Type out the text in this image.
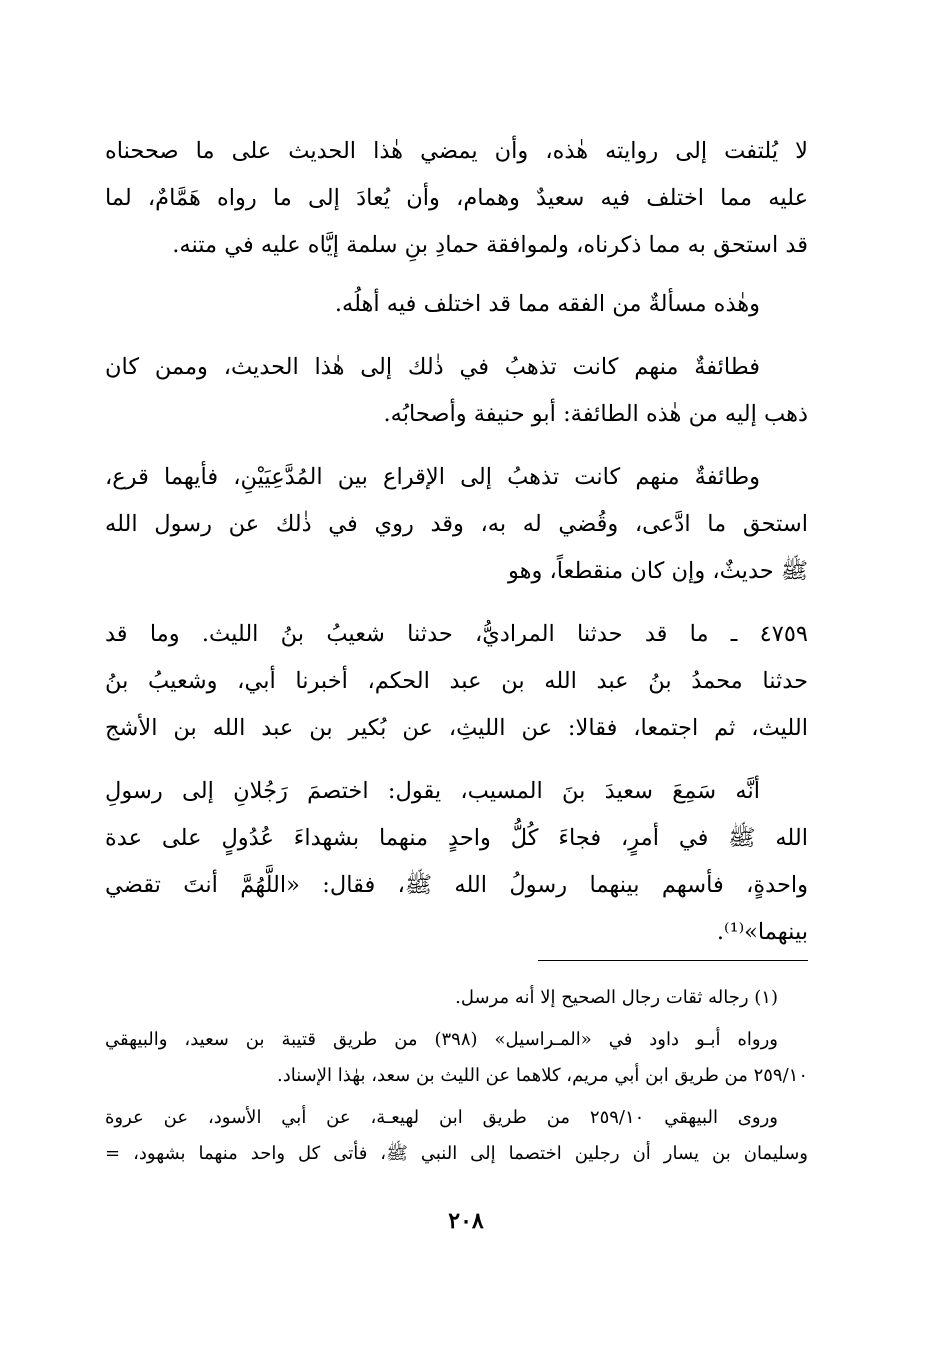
لا يُلتفت إلى روايته هٰذه، وأن يمضي هٰذا الحديث على ما صححناه
عليه مما اختلف فيه سعيدٌ وهمام، وأن يُعادَ إلى ما رواه هَمَّامٌ، لما
قد استحق به مما ذكرناه، ولموافقة حمادِ بنِ سلمة إيَّاه عليه في متنه.

وهٰذه مسألةٌ من الفقه مما قد اختلف فيه أهلُه.

فطائفةٌ منهم كانت تذهبُ في ذٰلك إلى هٰذا الحديث، وممن كان
ذهب إليه من هٰذه الطائفة: أبو حنيفة وأصحابُه.

وطائفةٌ منهم كانت تذهبُ إلى الإقراع بين المُدَّعِيَيْنِ، فأيهما قرع،
استحق ما ادَّعى، وقُضي له به، وقد روي في ذٰلك عن رسول الله
ﷺ حديثٌ، وإن كان منقطعاً، وهو

٤٧٥٩ ـ ما قد حدثنا المراديُّ، حدثنا شعيبُ بنُ الليث. وما قد
حدثنا محمدُ بنُ عبد الله بن عبد الحكم، أخبرنا أبي، وشعيبُ بنُ
الليث، ثم اجتمعا، فقالا: عن الليثِ، عن بُكير بن عبد الله بن الأشج

أنَّه سَمِعَ سعيدَ بنَ المسيب، يقول: اختصمَ رَجُلانِ إلى رسولِ
الله ﷺ في أمرٍ، فجاءَ كُلُّ واحدٍ منهما بشهداءَ عُدُولٍ على عدة
واحدةٍ، فأسهم بينهما رسولُ الله ﷺ، فقال: «اللَّهُمَّ أنتَ تقضي
بينهما»⁽¹⁾.

(١) رجاله ثقات رجال الصحيح إلا أنه مرسل.

ورواه أبـو داود في «المـراسيل» (٣٩٨) من طريق قتيبة بن سعيد، والبيهقي
٢٥٩/١٠ من طريق ابن أبي مريم، كلاهما عن الليث بن سعد، بهٰذا الإسناد.

وروى البيهقي ٢٥٩/١٠ من طريق ابن لهيعـة، عن أبي الأسود، عن عروة
وسليمان بن يسار أن رجلين اختصما إلى النبي ﷺ، فأتى كل واحد منهما بشهود، =

٢٠٨
